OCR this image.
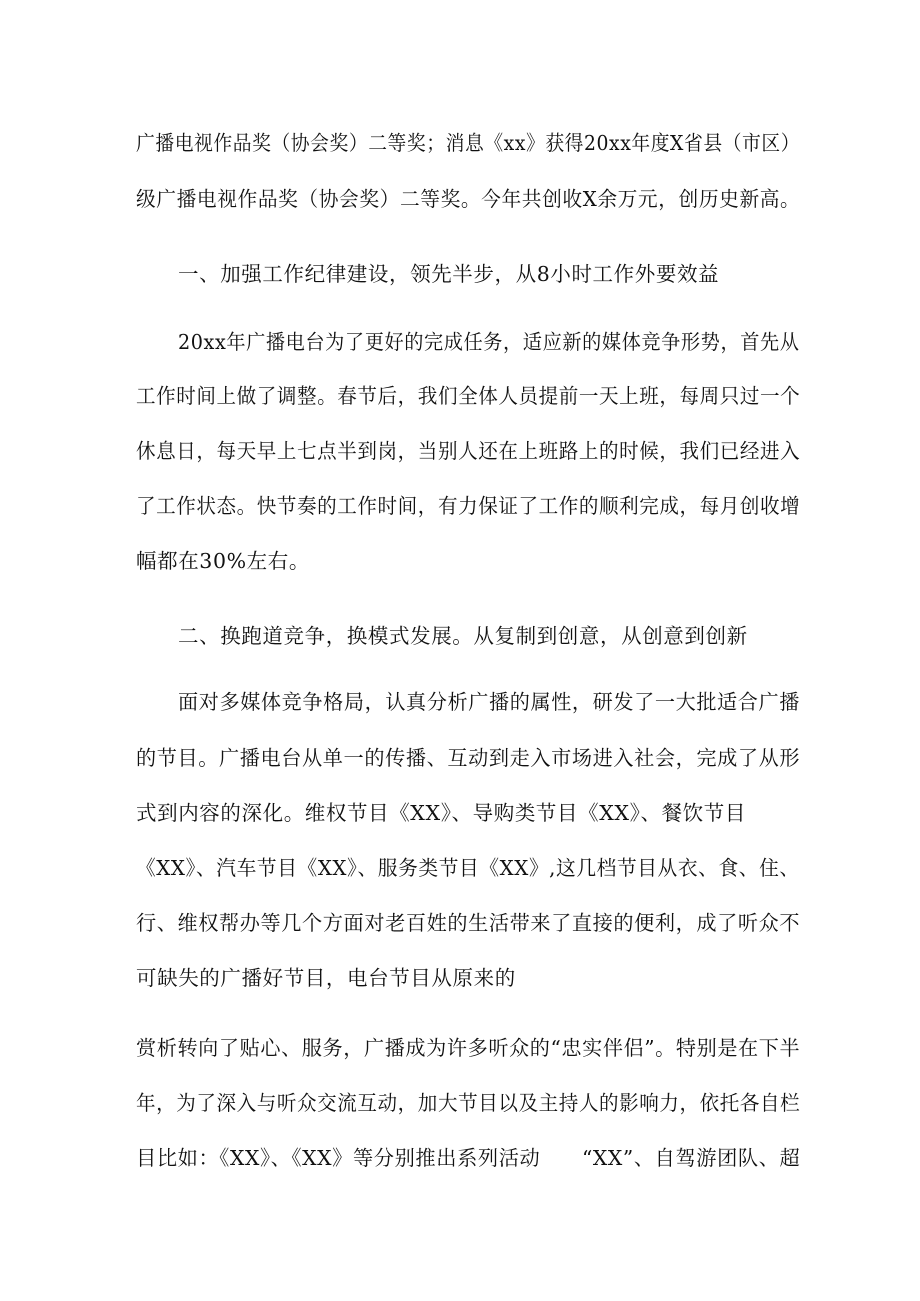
广播电视作品奖（协会奖）二等奖；消息《xx》获得20xx年度X省县（市区）
级广播电视作品奖（协会奖）二等奖。今年共创收X余万元，创历史新高。
一、加强工作纪律建设，领先半步，从8小时工作外要效益
20xx年广播电台为了更好的完成任务，适应新的媒体竞争形势，首先从
工作时间上做了调整。春节后，我们全体人员提前一天上班，每周只过一个
休息日，每天早上七点半到岗，当别人还在上班路上的时候，我们已经进入
了工作状态。快节奏的工作时间，有力保证了工作的顺利完成，每月创收增
幅都在30%左右。
二、换跑道竞争，换模式发展。从复制到创意，从创意到创新
面对多媒体竞争格局，认真分析广播的属性，研发了一大批适合广播
的节目。广播电台从单一的传播、互动到走入市场进入社会，完成了从形
式到内容的深化。维权节目《XX》、导购类节目《XX》、餐饮节目
《XX》、汽车节目《XX》、服务类节目《XX》,这几档节目从衣、食、住、
行、维权帮办等几个方面对老百姓的生活带来了直接的便利，成了听众不
可缺失的广播好节目，电台节目从原来的
赏析转向了贴心、服务，广播成为许多听众的“忠实伴侣”。特别是在下半
年，为了深入与听众交流互动，加大节目以及主持人的影响力，依托各自栏
目比如：《XX》、《XX》等分别推出系列活动　　“XX”、自驾游团队、超
